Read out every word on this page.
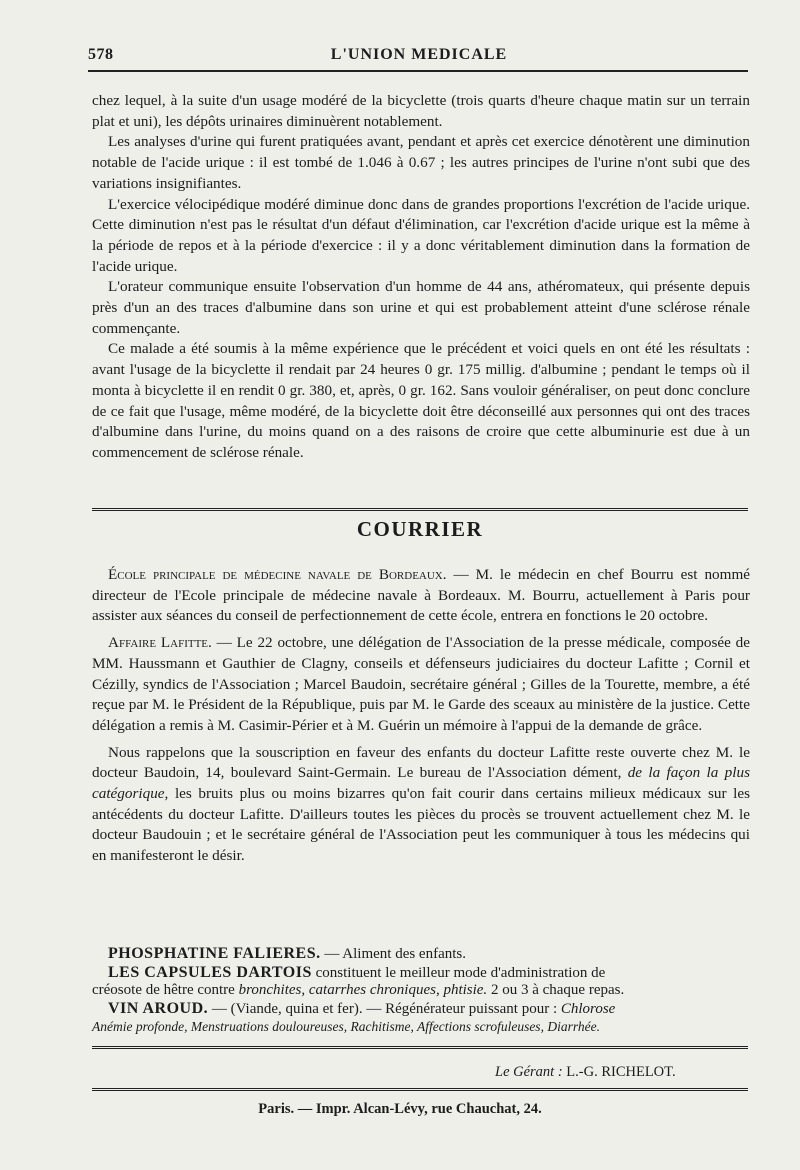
578	L'UNION MEDICALE

chez lequel, à la suite d'un usage modéré de la bicyclette (trois quarts d'heure chaque matin sur un terrain plat et uni), les dépôts urinaires diminuèrent notablement.

Les analyses d'urine qui furent pratiquées avant, pendant et après cet exercice dénotèrent une diminution notable de l'acide urique : il est tombé de 1.046 à 0.67 ; les autres principes de l'urine n'ont subi que des variations insignifiantes.

L'exercice vélocipédique modéré diminue donc dans de grandes proportions l'excrétion de l'acide urique. Cette diminution n'est pas le résultat d'un défaut d'élimination, car l'excrétion d'acide urique est la même à la période de repos et à la période d'exercice : il y a donc véritablement diminution dans la formation de l'acide urique.

L'orateur communique ensuite l'observation d'un homme de 44 ans, athéromateux, qui présente depuis près d'un an des traces d'albumine dans son urine et qui est probablement atteint d'une sclérose rénale commençante.

Ce malade a été soumis à la même expérience que le précédent et voici quels en ont été les résultats : avant l'usage de la bicyclette il rendait par 24 heures 0 gr. 175 millig. d'albumine ; pendant le temps où il monta à bicyclette il en rendit 0 gr. 380, et, après, 0 gr. 162. Sans vouloir généraliser, on peut donc conclure de ce fait que l'usage, même modéré, de la bicyclette doit être déconseillé aux personnes qui ont des traces d'albumine dans l'urine, du moins quand on a des raisons de croire que cette albuminurie est due à un commencement de sclérose rénale.

COURRIER

École principale de médecine navale de Bordeaux. — M. le médecin en chef Bourru est nommé directeur de l'Ecole principale de médecine navale à Bordeaux. M. Bourru, actuellement à Paris pour assister aux séances du conseil de perfectionnement de cette école, entrera en fonctions le 20 octobre.

Affaire Lafitte. — Le 22 octobre, une délégation de l'Association de la presse médicale, composée de MM. Haussmann et Gauthier de Clagny, conseils et défenseurs judiciaires du docteur Lafitte ; Cornil et Cézilly, syndics de l'Association ; Marcel Baudoin, secrétaire général ; Gilles de la Tourette, membre, a été reçue par M. le Président de la République, puis par M. le Garde des sceaux au ministère de la justice. Cette délégation a remis à M. Casimir-Périer et à M. Guérin un mémoire à l'appui de la demande de grâce.

Nous rappelons que la souscription en faveur des enfants du docteur Lafitte reste ouverte chez M. le docteur Baudoin, 14, boulevard Saint-Germain. Le bureau de l'Association dément, de la façon la plus catégorique, les bruits plus ou moins bizarres qu'on fait courir dans certains milieux médicaux sur les antécédents du docteur Lafitte. D'ailleurs toutes les pièces du procès se trouvent actuellement chez M. le docteur Baudouin ; et le secrétaire général de l'Association peut les communiquer à tous les médecins qui en manifesteront le désir.

PHOSPHATINE FALIERES. — Aliment des enfants.
LES CAPSULES DARTOIS constituent le meilleur mode d'administration de
créosote de hêtre contre bronchites, catarrhes chroniques, phtisie. 2 ou 3 à chaque repas.
VIN AROUD. — (Viande, quina et fer). — Régénérateur puissant pour : Chlorose
Anémie profonde, Menstruations douloureuses, Rachitisme, Affections scrofuleuses, Diarrhée.
Le Gérant : L.-G. RICHELOT.
Paris. — Impr. Alcan-Lévy, rue Chauchat, 24.
